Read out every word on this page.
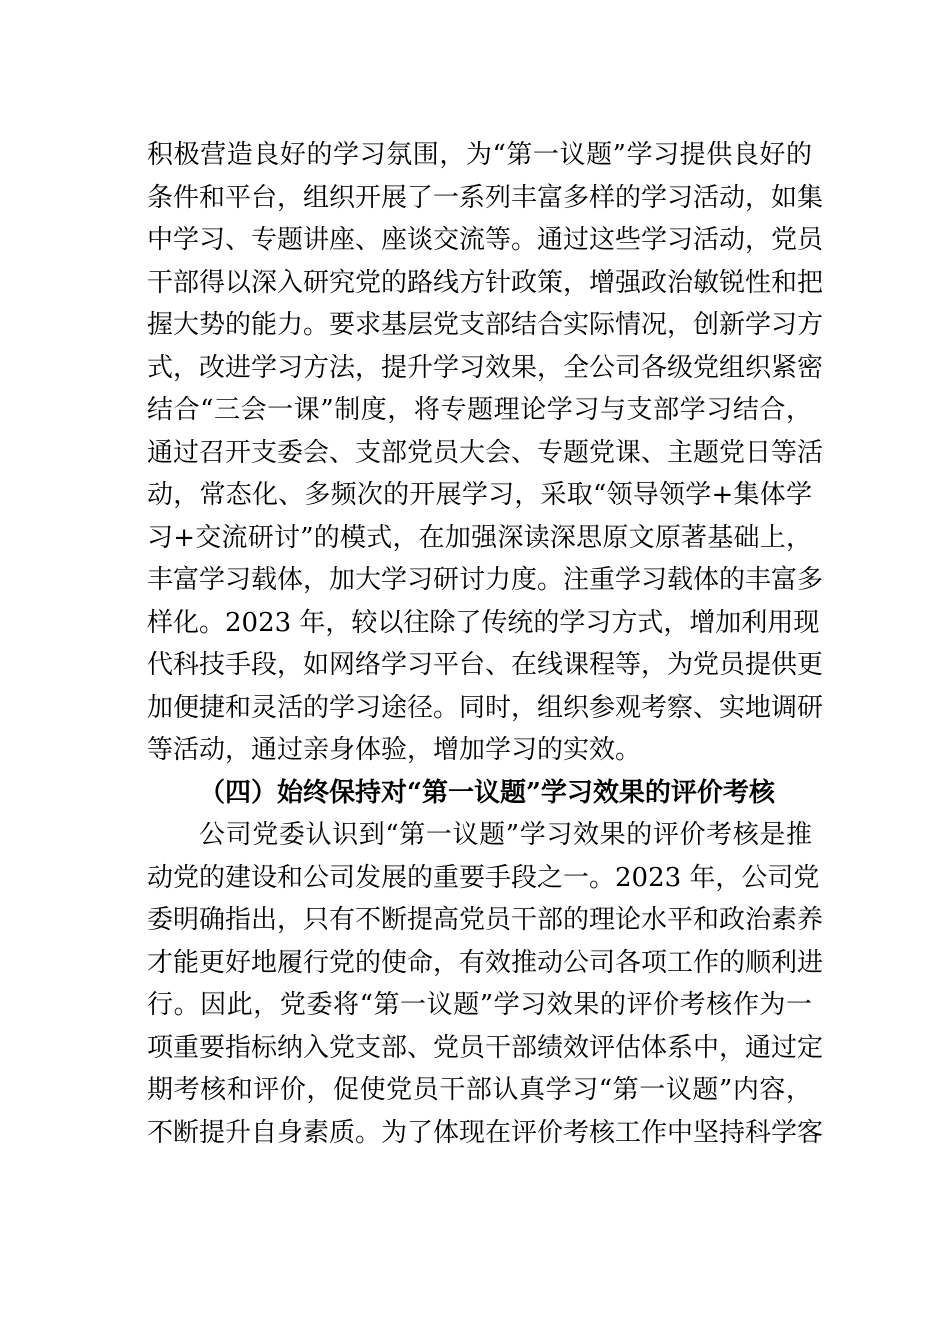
积极营造良好的学习氛围，为“第一议题”学习提供良好的
条件和平台，组织开展了一系列丰富多样的学习活动，如集
中学习、专题讲座、座谈交流等。通过这些学习活动，党员
干部得以深入研究党的路线方针政策，增强政治敏锐性和把
握大势的能力。要求基层党支部结合实际情况，创新学习方
式，改进学习方法，提升学习效果，全公司各级党组织紧密
结合“三会一课”制度，将专题理论学习与支部学习结合，
通过召开支委会、支部党员大会、专题党课、主题党日等活
动，常态化、多频次的开展学习，采取“领导领学+集体学
习+交流研讨”的模式，在加强深读深思原文原著基础上，
丰富学习载体，加大学习研讨力度。注重学习载体的丰富多
样化。2023 年，较以往除了传统的学习方式，增加利用现
代科技手段，如网络学习平台、在线课程等，为党员提供更
加便捷和灵活的学习途径。同时，组织参观考察、实地调研
等活动，通过亲身体验，增加学习的实效。
（四）始终保持对“第一议题”学习效果的评价考核
公司党委认识到“第一议题”学习效果的评价考核是推
动党的建设和公司发展的重要手段之一。2023 年，公司党
委明确指出，只有不断提高党员干部的理论水平和政治素养
才能更好地履行党的使命，有效推动公司各项工作的顺利进
行。因此，党委将“第一议题”学习效果的评价考核作为一
项重要指标纳入党支部、党员干部绩效评估体系中，通过定
期考核和评价，促使党员干部认真学习“第一议题”内容，
不断提升自身素质。为了体现在评价考核工作中坚持科学客
